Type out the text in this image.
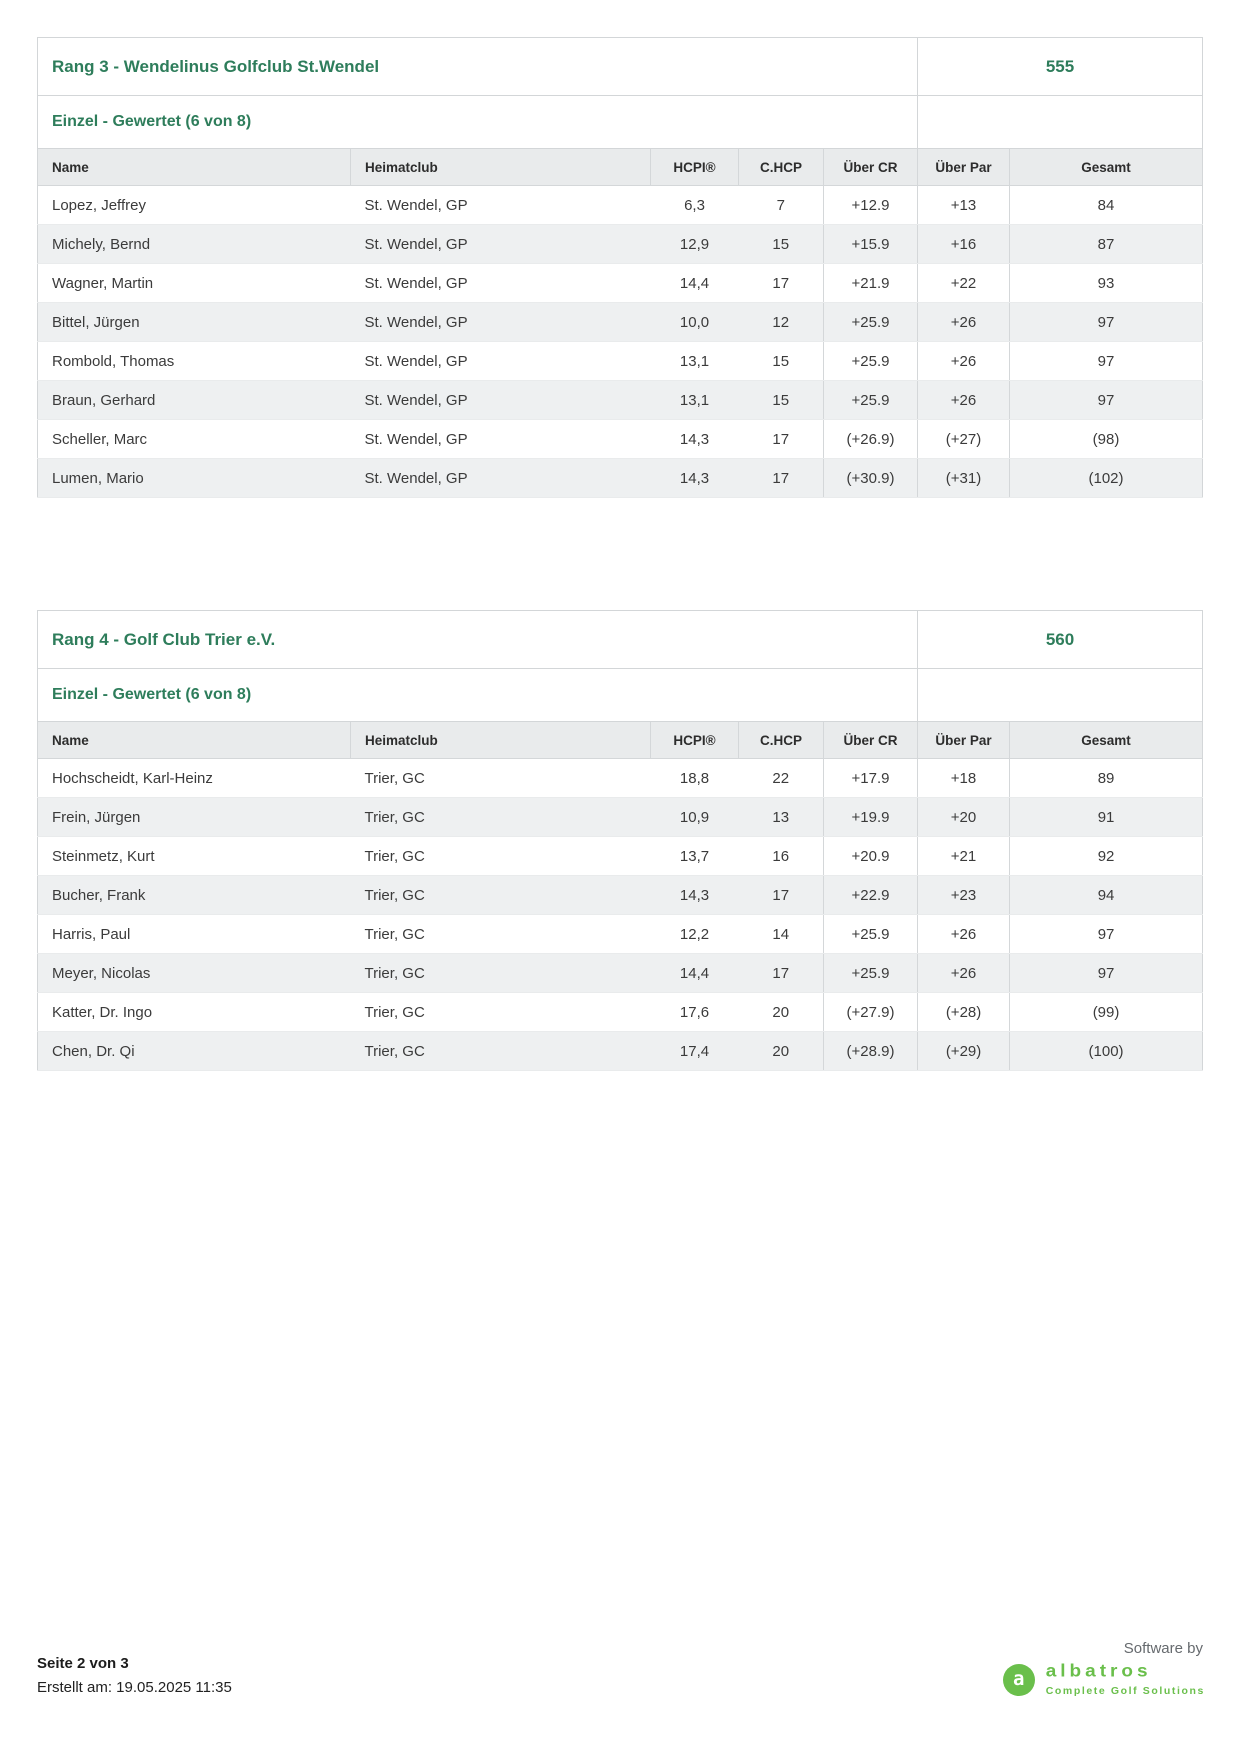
Rang 3 - Wendelinus Golfclub St.Wendel					555	
Einzel - Gewertet (6 von 8)						
Name	Heimatclub	HCPI®	C.HCP	Über CR	Über Par	Gesamt
Lopez, Jeffrey	St. Wendel, GP	6,3	7	+12.9	+13	84
Michely, Bernd	St. Wendel, GP	12,9	15	+15.9	+16	87
Wagner, Martin	St. Wendel, GP	14,4	17	+21.9	+22	93
Bittel, Jürgen	St. Wendel, GP	10,0	12	+25.9	+26	97
Rombold, Thomas	St. Wendel, GP	13,1	15	+25.9	+26	97
Braun, Gerhard	St. Wendel, GP	13,1	15	+25.9	+26	97
Scheller, Marc	St. Wendel, GP	14,3	17	(+26.9)	(+27)	(98)
Lumen, Mario	St. Wendel, GP	14,3	17	(+30.9)	(+31)	(102)
Rang 4 - Golf Club Trier e.V.					560	
Einzel - Gewertet (6 von 8)						
Name	Heimatclub	HCPI®	C.HCP	Über CR	Über Par	Gesamt
Hochscheidt, Karl-Heinz	Trier, GC	18,8	22	+17.9	+18	89
Frein, Jürgen	Trier, GC	10,9	13	+19.9	+20	91
Steinmetz, Kurt	Trier, GC	13,7	16	+20.9	+21	92
Bucher, Frank	Trier, GC	14,3	17	+22.9	+23	94
Harris, Paul	Trier, GC	12,2	14	+25.9	+26	97
Meyer, Nicolas	Trier, GC	14,4	17	+25.9	+26	97
Katter, Dr. Ingo	Trier, GC	17,6	20	(+27.9)	(+28)	(99)
Chen, Dr. Qi	Trier, GC	17,4	20	(+28.9)	(+29)	(100)
Seite 2 von 3
Erstellt am: 19.05.2025 11:35
Software by
a	albatros
Complete Golf Solutions
